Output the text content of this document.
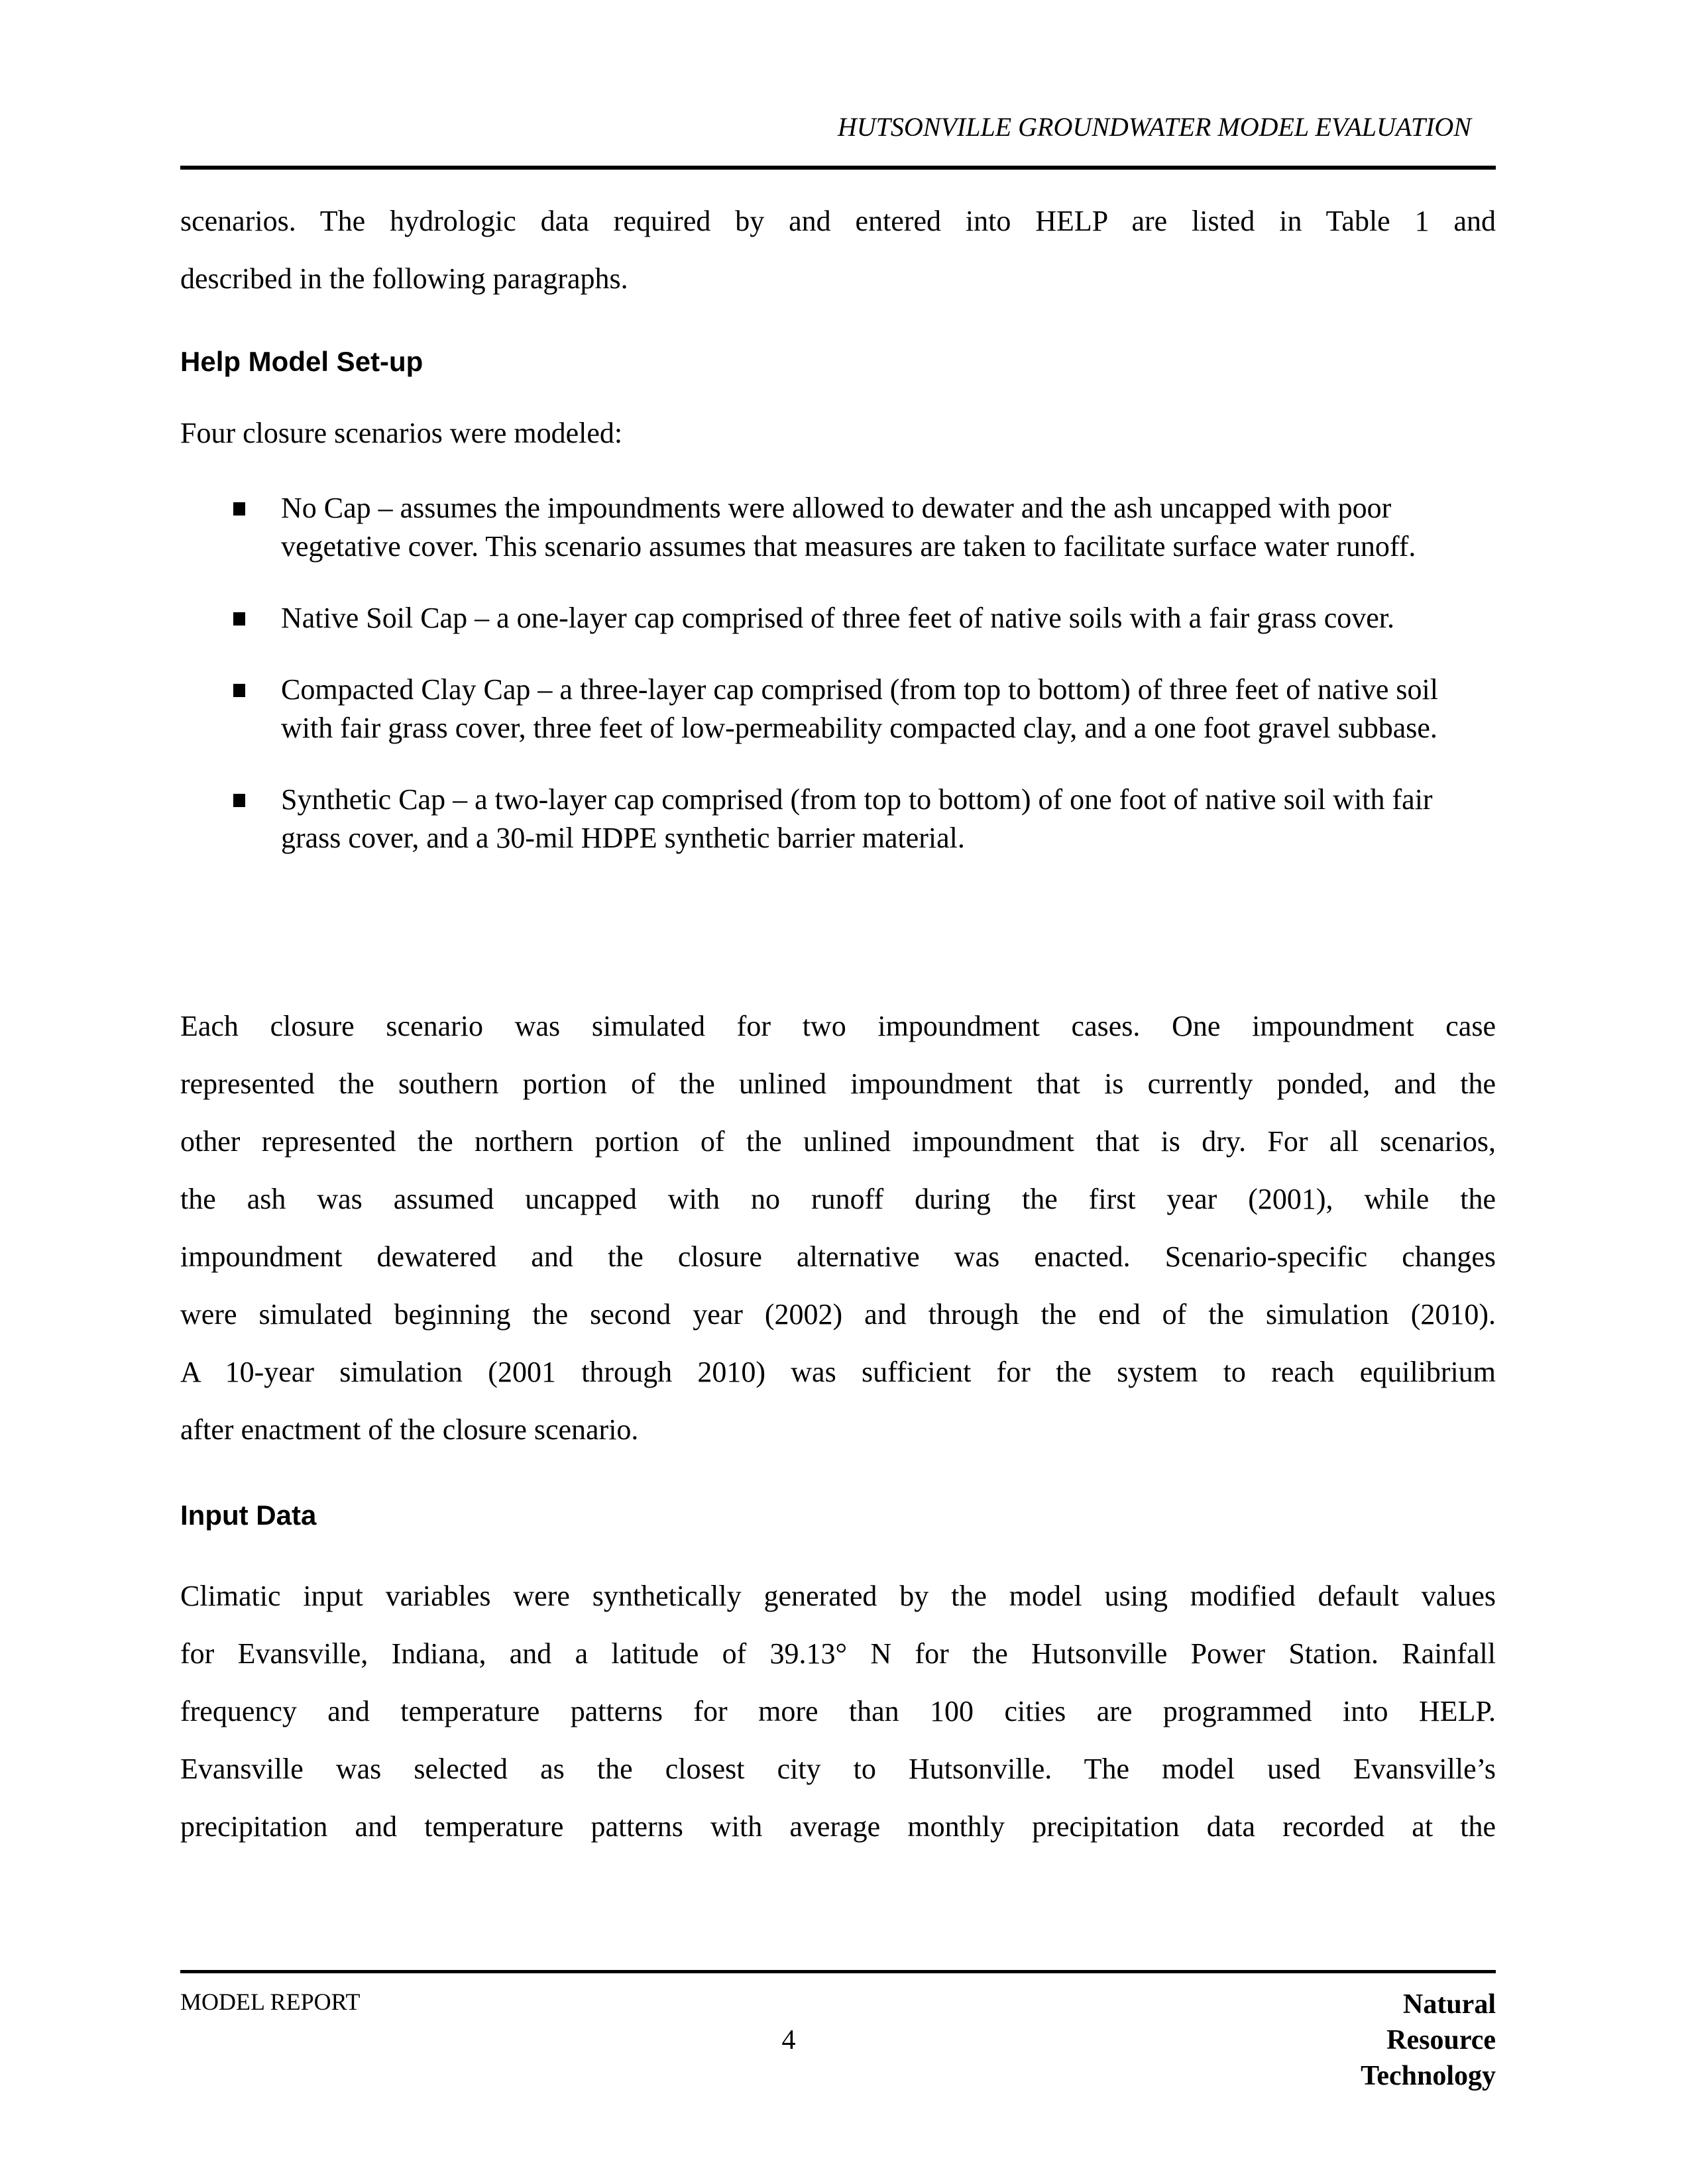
HUTSONVILLE GROUNDWATER MODEL EVALUATION
scenarios. The hydrologic data required by and entered into HELP are listed in Table 1 and
described in the following paragraphs.
Help Model Set-up
Four closure scenarios were modeled:
No Cap – assumes the impoundments were allowed to dewater and the ash uncapped with poor vegetative cover. This scenario assumes that measures are taken to facilitate surface water runoff.
Native Soil Cap – a one-layer cap comprised of three feet of native soils with a fair grass cover.
Compacted Clay Cap – a three-layer cap comprised (from top to bottom) of three feet of native soil with fair grass cover, three feet of low-permeability compacted clay, and a one foot gravel subbase.
Synthetic Cap – a two-layer cap comprised (from top to bottom) of one foot of native soil with fair grass cover, and a 30-mil HDPE synthetic barrier material.
Each closure scenario was simulated for two impoundment cases. One impoundment case
represented the southern portion of the unlined impoundment that is currently ponded, and the
other represented the northern portion of the unlined impoundment that is dry. For all scenarios,
the ash was assumed uncapped with no runoff during the first year (2001), while the
impoundment dewatered and the closure alternative was enacted. Scenario-specific changes
were simulated beginning the second year (2002) and through the end of the simulation (2010).
A 10-year simulation (2001 through 2010) was sufficient for the system to reach equilibrium
after enactment of the closure scenario.
Input Data
Climatic input variables were synthetically generated by the model using modified default values
for Evansville, Indiana, and a latitude of 39.13° N for the Hutsonville Power Station. Rainfall
frequency and temperature patterns for more than 100 cities are programmed into HELP.
Evansville was selected as the closest city to Hutsonville. The model used Evansville’s
precipitation and temperature patterns with average monthly precipitation data recorded at the
MODEL REPORT
4
Natural
Resource
Technology
